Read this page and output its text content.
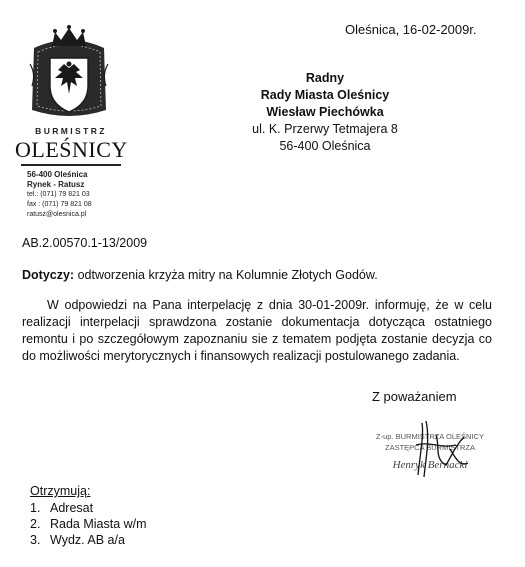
BURMISTRZ
OLEŚNICY
56-400 Oleśnica
Rynek - Ratusz
tel.: (071) 79 821 03
fax : (071) 79 821 08
ratusz@olesnica.pl
Oleśnica, 16-02-2009r.
Radny
Rady Miasta Oleśnicy
Wiesław Piechówka
ul. K. Przerwy Tetmajera 8
56-400 Oleśnica
AB.2.00570.1-13/2009
Dotyczy: odtworzenia krzyża mitry na Kolumnie Złotych Godów.

W odpowiedzi na Pana interpelację z dnia 30-01-2009r. informuję, że w celu realizacji interpelacji sprawdzona zostanie dokumentacja dotycząca ostatniego remontu i po szczegółowym zapoznaniu sie z tematem podjęta zostanie decyzja co do możliwości merytorycznych i finansowych realizacji postulowanego zadania.

Z poważaniem
Z-up. BURMISTRZA OLEŚNICY
ZASTĘPCA BURMISTRZA
Henryk Bernacki
Otrzymują:
1. Adresat
2. Rada Miasta w/m
3. Wydz. AB a/a
